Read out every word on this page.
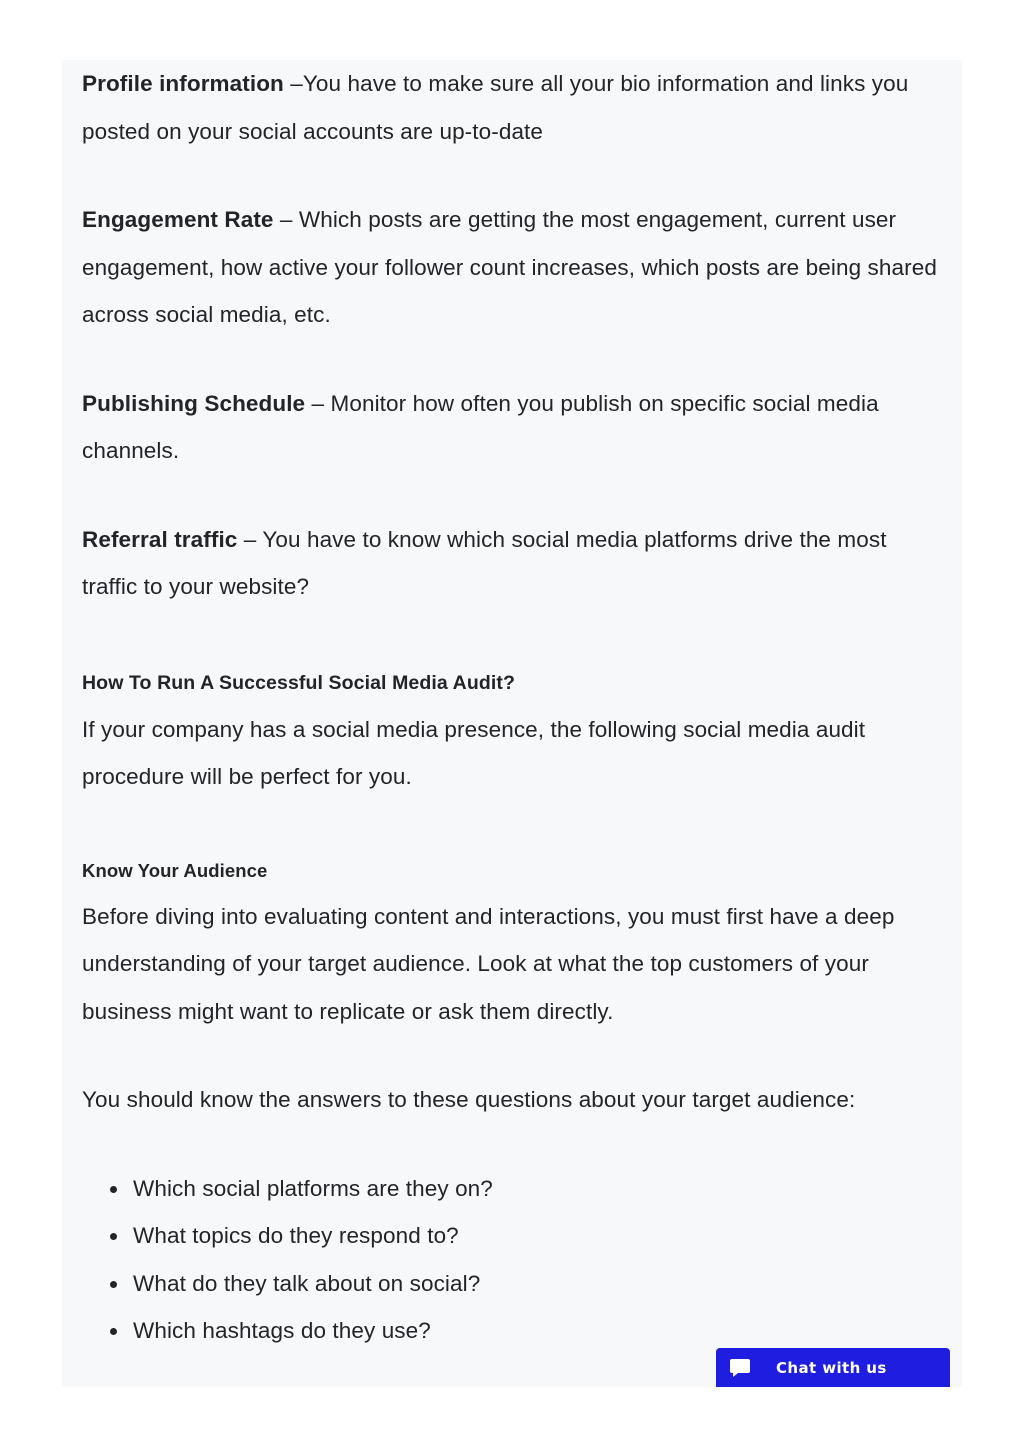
Profile information –You have to make sure all your bio information and links you posted on your social accounts are up-to-date

Engagement Rate – Which posts are getting the most engagement, current user engagement, how active your follower count increases, which posts are being shared across social media, etc.

Publishing Schedule – Monitor how often you publish on specific social media channels.

Referral traffic – You have to know which social media platforms drive the most traffic to your website?

How To Run A Successful Social Media Audit?

If your company has a social media presence, the following social media audit procedure will be perfect for you.

Know Your Audience

Before diving into evaluating content and interactions, you must first have a deep understanding of your target audience. Look at what the top customers of your business might want to replicate or ask them directly.

You should know the answers to these questions about your target audience:

Which social platforms are they on?
What topics do they respond to?
What do they talk about on social?
Which hashtags do they use?
Chat with us
